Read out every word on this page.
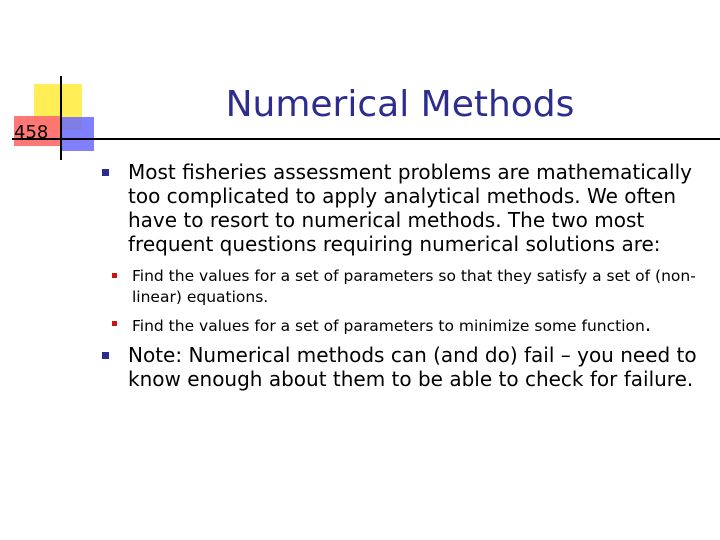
458
Numerical Methods
Most fisheries assessment problems are mathematically too complicated to apply analytical methods. We often have to resort to numerical methods. The two most frequent questions requiring numerical solutions are:
Find the values for a set of parameters so that they satisfy a set of (non-linear) equations.
Find the values for a set of parameters to minimize some function.
Note: Numerical methods can (and do) fail – you need to know enough about them to be able to check for failure.
